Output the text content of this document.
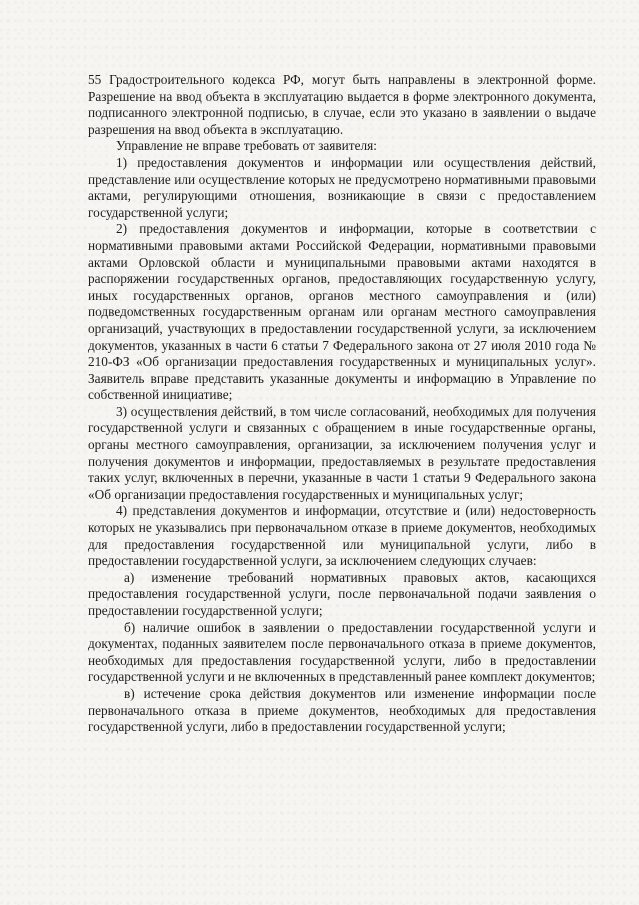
55 Градостроительного кодекса РФ, могут быть направлены в электронной форме. Разрешение на ввод объекта в эксплуатацию выдается в форме электронного документа, подписанного электронной подписью, в случае, если это указано в заявлении о выдаче разрешения на ввод объекта в эксплуатацию.

Управление не вправе требовать от заявителя:

1) предоставления документов и информации или осуществления действий, представление или осуществление которых не предусмотрено нормативными правовыми актами, регулирующими отношения, возникающие в связи с предоставлением государственной услуги;

2) предоставления документов и информации, которые в соответствии с нормативными правовыми актами Российской Федерации, нормативными правовыми актами Орловской области и муниципальными правовыми актами находятся в распоряжении государственных органов, предоставляющих государственную услугу, иных государственных органов, органов местного самоуправления и (или) подведомственных государственным органам или органам местного самоуправления организаций, участвующих в предоставлении государственной услуги, за исключением документов, указанных в части 6 статьи 7 Федерального закона от 27 июля 2010 года № 210-ФЗ «Об организации предоставления государственных и муниципальных услуг». Заявитель вправе представить указанные документы и информацию в Управление по собственной инициативе;

3) осуществления действий, в том числе согласований, необходимых для получения государственной услуги и связанных с обращением в иные государственные органы, органы местного самоуправления, организации, за исключением получения услуг и получения документов и информации, предоставляемых в результате предоставления таких услуг, включенных в перечни, указанные в части 1 статьи 9 Федерального закона «Об организации предоставления государственных и муниципальных услуг;

4) представления документов и информации, отсутствие и (или) недостоверность которых не указывались при первоначальном отказе в приеме документов, необходимых для предоставления государственной или муниципальной услуги, либо в предоставлении государственной услуги, за исключением следующих случаев:

а) изменение требований нормативных правовых актов, касающихся предоставления государственной услуги, после первоначальной подачи заявления о предоставлении государственной услуги;

б) наличие ошибок в заявлении о предоставлении государственной услуги и документах, поданных заявителем после первоначального отказа в приеме документов, необходимых для предоставления государственной услуги, либо в предоставлении государственной услуги и не включенных в представленный ранее комплект документов;

в) истечение срока действия документов или изменение информации после первоначального отказа в приеме документов, необходимых для предоставления государственной услуги, либо в предоставлении государственной услуги;
